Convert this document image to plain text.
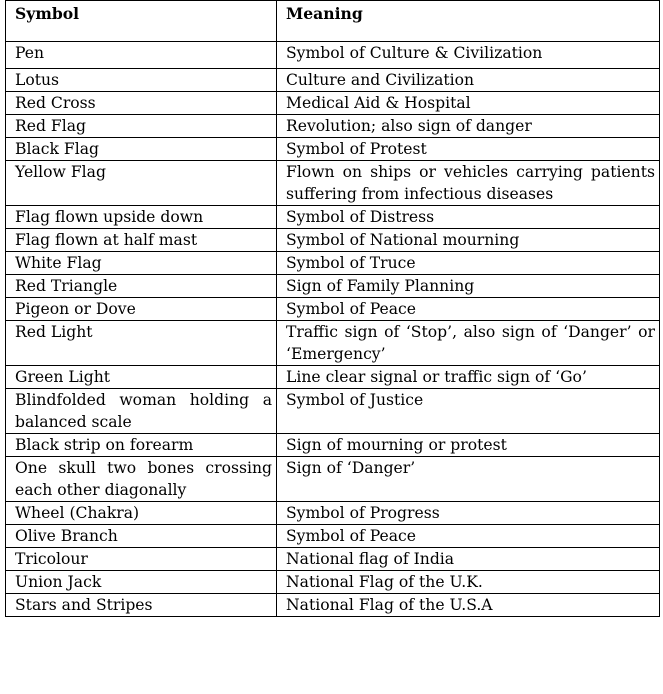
Symbol	Meaning
Pen	Symbol of Culture & Civilization
Lotus	Culture and Civilization
Red Cross	Medical Aid & Hospital
Red Flag	Revolution; also sign of danger
Black Flag	Symbol of Protest
Yellow Flag	Flown on ships or vehicles carrying patients suffering from infectious diseases
Flag flown upside down	Symbol of Distress
Flag flown at half mast	Symbol of National mourning
White Flag	Symbol of Truce
Red Triangle	Sign of Family Planning
Pigeon or Dove	Symbol of Peace
Red Light	Traffic sign of ‘Stop’, also sign of ‘Danger’ or ‘Emergency’
Green Light	Line clear signal or traffic sign of ‘Go’
Blindfolded woman holding a balanced scale	Symbol of Justice
Black strip on forearm	Sign of mourning or protest
One skull two bones crossing each other diagonally	Sign of ‘Danger’
Wheel (Chakra)	Symbol of Progress
Olive Branch	Symbol of Peace
Tricolour	National flag of India
Union Jack	National Flag of the U.K.
Stars and Stripes	National Flag of the U.S.A
